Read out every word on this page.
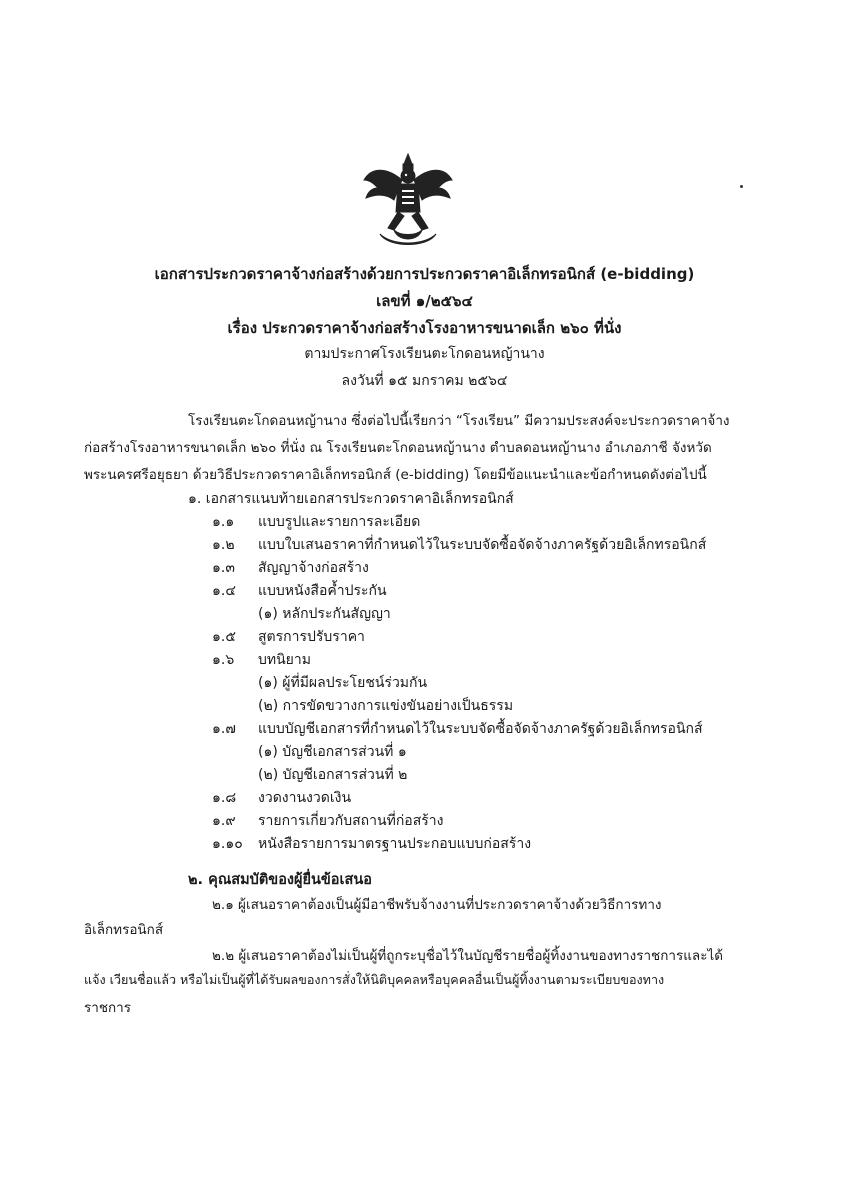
เอกสารประกวดราคาจ้างก่อสร้างด้วยการประกวดราคาอิเล็กทรอนิกส์ (e-bidding)
เลขที่ ๑/๒๕๖๔
เรื่อง ประกวดราคาจ้างก่อสร้างโรงอาหารขนาดเล็ก ๒๖๐ ที่นั่ง
ตามประกาศโรงเรียนตะโกดอนหญ้านาง
ลงวันที่ ๑๕ มกราคม ๒๕๖๔
โรงเรียนตะโกดอนหญ้านาง ซึ่งต่อไปนี้เรียกว่า “โรงเรียน” มีความประสงค์จะประกวดราคาจ้าง
ก่อสร้างโรงอาหารขนาดเล็ก ๒๖๐ ที่นั่ง ณ โรงเรียนตะโกดอนหญ้านาง ตำบลดอนหญ้านาง อำเภอภาชี จังหวัด
พระนครศรีอยุธยา ด้วยวิธีประกวดราคาอิเล็กทรอนิกส์ (e-bidding) โดยมีข้อแนะนำและข้อกำหนดดังต่อไปนี้
๑. เอกสารแนบท้ายเอกสารประกวดราคาอิเล็กทรอนิกส์
๑.๑ แบบรูปและรายการละเอียด
๑.๒ แบบใบเสนอราคาที่กำหนดไว้ในระบบจัดซื้อจัดจ้างภาครัฐด้วยอิเล็กทรอนิกส์
๑.๓ สัญญาจ้างก่อสร้าง
๑.๔ แบบหนังสือค้ำประกัน
(๑) หลักประกันสัญญา
๑.๕ สูตรการปรับราคา
๑.๖ บทนิยาม
(๑) ผู้ที่มีผลประโยชน์ร่วมกัน
(๒) การขัดขวางการแข่งขันอย่างเป็นธรรม
๑.๗ แบบบัญชีเอกสารที่กำหนดไว้ในระบบจัดซื้อจัดจ้างภาครัฐด้วยอิเล็กทรอนิกส์
(๑) บัญชีเอกสารส่วนที่ ๑
(๒) บัญชีเอกสารส่วนที่ ๒
๑.๘ งวดงานงวดเงิน
๑.๙ รายการเกี่ยวกับสถานที่ก่อสร้าง
๑.๑๐ หนังสือรายการมาตรฐานประกอบแบบก่อสร้าง
๒. คุณสมบัติของผู้ยื่นข้อเสนอ
๒.๑ ผู้เสนอราคาต้องเป็นผู้มีอาชีพรับจ้างงานที่ประกวดราคาจ้างด้วยวิธีการทาง
อิเล็กทรอนิกส์
๒.๒ ผู้เสนอราคาต้องไม่เป็นผู้ที่ถูกระบุชื่อไว้ในบัญชีรายชื่อผู้ทิ้งงานของทางราชการและได้
แจ้ง เวียนชื่อแล้ว หรือไม่เป็นผู้ที่ได้รับผลของการสั่งให้นิติบุคคลหรือบุคคลอื่นเป็นผู้ทิ้งงานตามระเบียบของทาง
ราชการ
